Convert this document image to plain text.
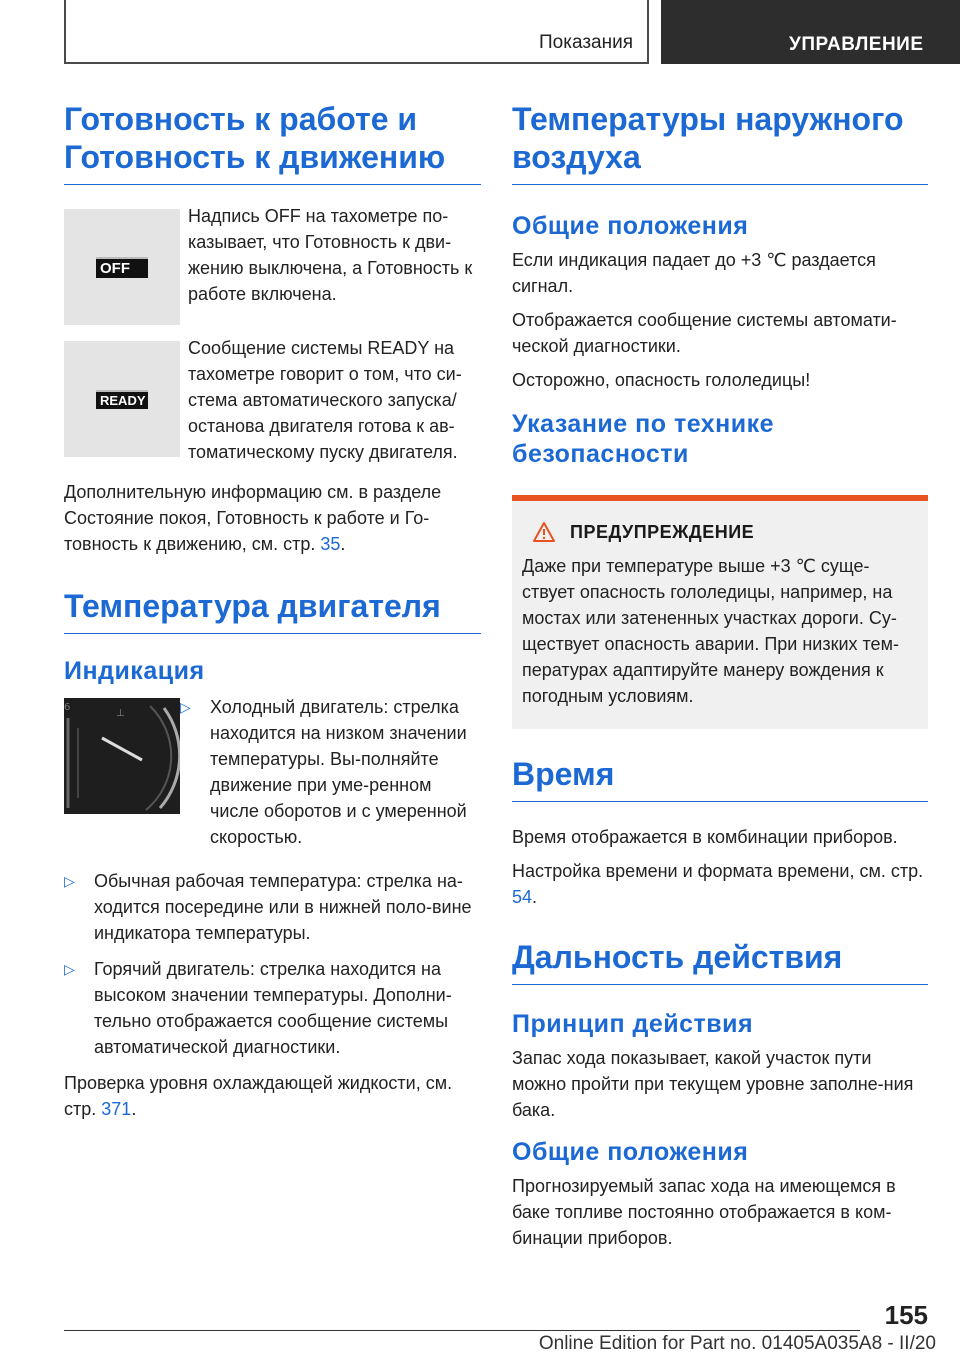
Показания	УПРАВЛЕНИЕ
Готовность к работе и Готовность к движению
OFF
Надпись OFF на тахометре по-казывает, что Готовность к дви-жению выключена, а Готовность к работе включена.
READY
Сообщение системы READY на тахометре говорит о том, что си-стема автоматического запуска/останова двигателя готова к ав-томатическому пуску двигателя.

Дополнительную информацию см. в разделе Состояние покоя, Готовность к работе и Го-товность к движению, см. стр. 35.

Температура двигателя
Индикация
⊥
6	▷	Холодный двигатель: стрелка находится на низком значении температуры. Вы-полняйте движение при уме-ренном числе оборотов и с умеренной скоростью.
▷	Обычная рабочая температура: стрелка на-ходится посередине или в нижней поло-вине индикатора температуры.
▷	Горячий двигатель: стрелка находится на высоком значении температуры. Дополни-тельно отображается сообщение системы автоматической диагностики.

Проверка уровня охлаждающей жидкости, см. стр. 371.

Температуры наружного воздуха
Общие положения

Если индикация падает до +3 ℃ раздается сигнал.

Отображается сообщение системы автомати-ческой диагностики.

Осторожно, опасность гололедицы!

Указание по технике безопасности
ПРЕДУПРЕЖДЕНИЕ

Даже при температуре выше +3 ℃ суще-ствует опасность гололедицы, например, на мостах или затененных участках дороги. Су-ществует опасность аварии. При низких тем-пературах адаптируйте манеру вождения к погодным условиям.

Время

Время отображается в комбинации приборов.

Настройка времени и формата времени, см. стр. 54.

Дальность действия
Принцип действия

Запас хода показывает, какой участок пути можно пройти при текущем уровне заполне-ния бака.

Общие положения

Прогнозируемый запас хода на имеющемся в баке топливе постоянно отображается в ком-бинации приборов.

155
Online Edition for Part no. 01405A035A8 - II/20
